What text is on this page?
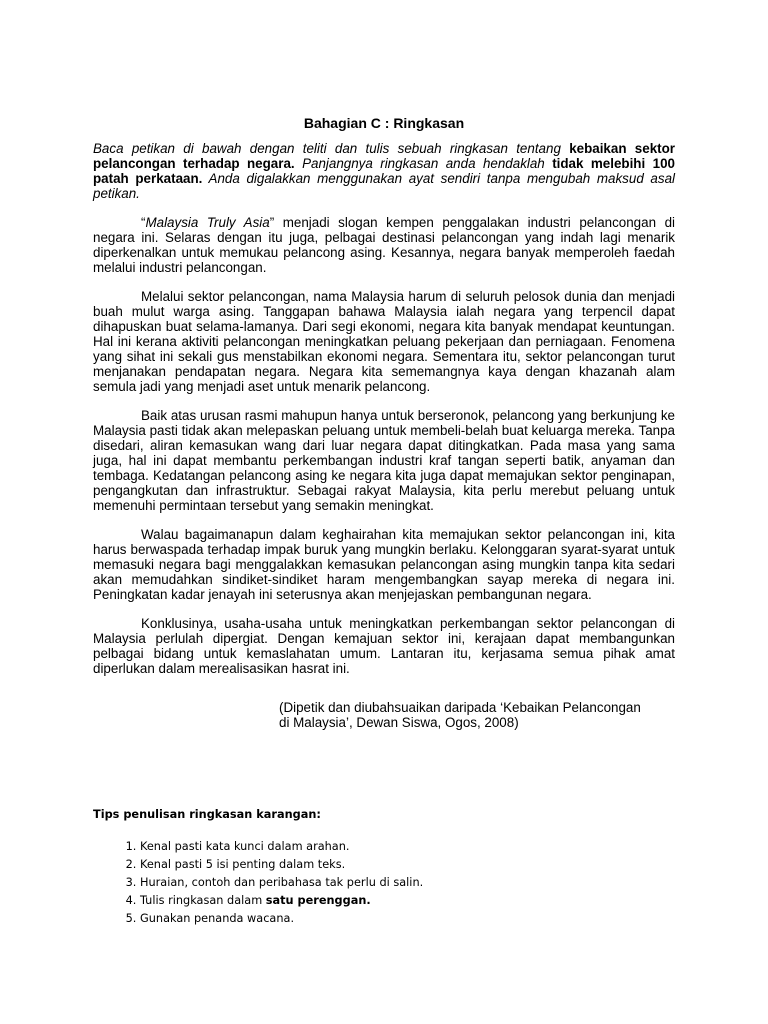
Bahagian C : Ringkasan

Baca petikan di bawah dengan teliti dan tulis sebuah ringkasan tentang kebaikan sektor pelancongan terhadap negara. Panjangnya ringkasan anda hendaklah tidak melebihi 100 patah perkataan. Anda digalakkan menggunakan ayat sendiri tanpa mengubah maksud asal petikan.

“Malaysia Truly Asia” menjadi slogan kempen penggalakan industri pelancongan di negara ini. Selaras dengan itu juga, pelbagai destinasi pelancongan yang indah lagi menarik diperkenalkan untuk memukau pelancong asing. Kesannya, negara banyak memperoleh faedah melalui industri pelancongan.

Melalui sektor pelancongan, nama Malaysia harum di seluruh pelosok dunia dan menjadi buah mulut warga asing. Tanggapan bahawa Malaysia ialah negara yang terpencil dapat dihapuskan buat selama-lamanya. Dari segi ekonomi, negara kita banyak mendapat keuntungan. Hal ini kerana aktiviti pelancongan meningkatkan peluang pekerjaan dan perniagaan. Fenomena yang sihat ini sekali gus menstabilkan ekonomi negara. Sementara itu, sektor pelancongan turut menjanakan pendapatan negara. Negara kita sememangnya kaya dengan khazanah alam semula jadi yang menjadi aset untuk menarik pelancong.

Baik atas urusan rasmi mahupun hanya untuk berseronok, pelancong yang berkunjung ke Malaysia pasti tidak akan melepaskan peluang untuk membeli-belah buat keluarga mereka. Tanpa disedari, aliran kemasukan wang dari luar negara dapat ditingkatkan. Pada masa yang sama juga, hal ini dapat membantu perkembangan industri kraf tangan seperti batik, anyaman dan tembaga. Kedatangan pelancong asing ke negara kita juga dapat memajukan sektor penginapan, pengangkutan dan infrastruktur. Sebagai rakyat Malaysia, kita perlu merebut peluang untuk memenuhi permintaan tersebut yang semakin meningkat.

Walau bagaimanapun dalam keghairahan kita memajukan sektor pelancongan ini, kita harus berwaspada terhadap impak buruk yang mungkin berlaku. Kelonggaran syarat-syarat untuk memasuki negara bagi menggalakkan kemasukan pelancongan asing mungkin tanpa kita sedari akan memudahkan sindiket-sindiket haram mengembangkan sayap mereka di negara ini. Peningkatan kadar jenayah ini seterusnya akan menjejaskan pembangunan negara.

Konklusinya, usaha-usaha untuk meningkatkan perkembangan sektor pelancongan di Malaysia perlulah dipergiat. Dengan kemajuan sektor ini, kerajaan dapat membangunkan pelbagai bidang untuk kemaslahatan umum. Lantaran itu, kerjasama semua pihak amat diperlukan dalam merealisasikan hasrat ini.

(Dipetik dan diubahsuaikan daripada ‘Kebaikan Pelancongan
di Malaysia’, Dewan Siswa, Ogos, 2008)

Tips penulisan ringkasan karangan:

1. Kenal pasti kata kunci dalam arahan.
2. Kenal pasti 5 isi penting dalam teks.
3. Huraian, contoh dan peribahasa tak perlu di salin.
4. Tulis ringkasan dalam satu perenggan.
5. Gunakan penanda wacana.
